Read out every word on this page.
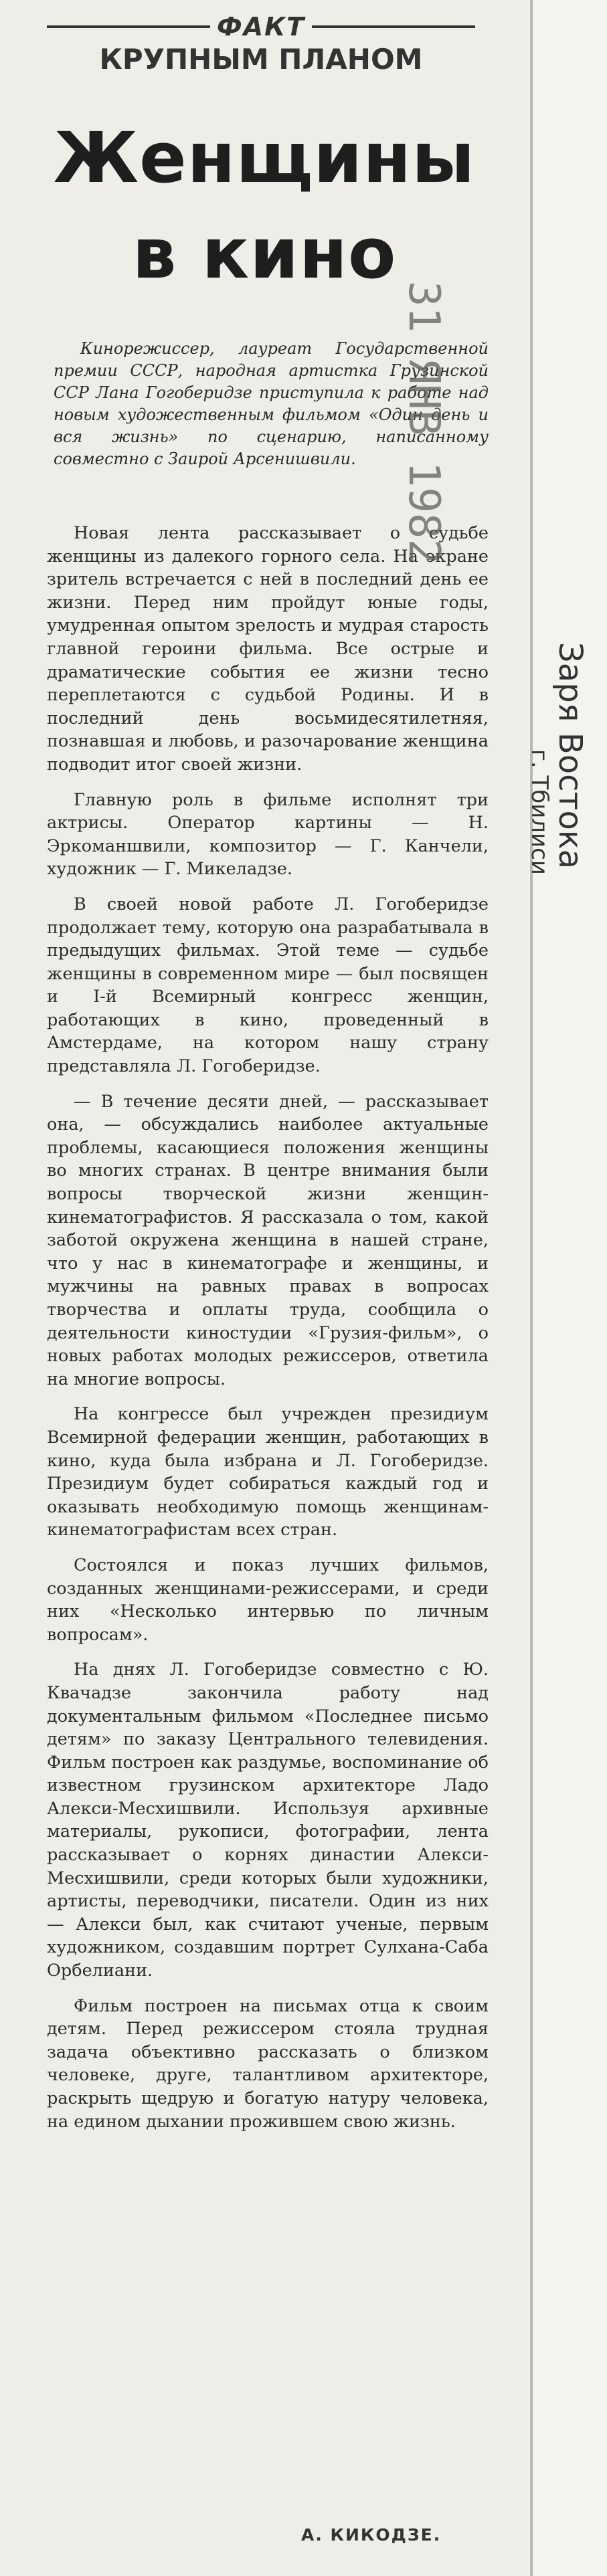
ФАКТ
КРУПНЫМ ПЛАНОМ
Женщины
в кино
Кинорежиссер, лауреат Государственной премии СССР, народная артистка Грузинской ССР Лана Гогоберидзе приступила к работе над новым художественным фильмом «Один день и вся жизнь» по сценарию, написанному совместно с Заирой Арсенишвили.

Новая лента рассказывает о судьбе женщины из далекого горного села. На экране зритель встречается с ней в последний день ее жизни. Перед ним пройдут юные годы, умудренная опытом зрелость и мудрая старость главной героини фильма. Все острые и драматические события ее жизни тесно переплетаются с судьбой Родины. И в последний день восьмидесятилетняя, познавшая и любовь, и разочарование женщина подводит итог своей жизни.

Главную роль в фильме исполнят три актрисы. Оператор картины — Н. Эркоманшвили, композитор — Г. Канчели, художник — Г. Микеладзе.

В своей новой работе Л. Гогоберидзе продолжает тему, которую она разрабатывала в предыдущих фильмах. Этой теме — судьбе женщины в современном мире — был посвящен и I-й Всемирный конгресс женщин, работающих в кино, проведенный в Амстердаме, на котором нашу страну представляла Л. Гогоберидзе.

— В течение десяти дней, — рассказывает она, — обсуждались наиболее актуальные проблемы, касающиеся положения женщины во многих странах. В центре внимания были вопросы творческой жизни женщин-кинематографистов. Я рассказала о том, какой заботой окружена женщина в нашей стране, что у нас в кинематографе и женщины, и мужчины на равных правах в вопросах творчества и оплаты труда, сообщила о деятельности киностудии «Грузия-фильм», о новых работах молодых режиссеров, ответила на многие вопросы.

На конгрессе был учрежден президиум Всемирной федерации женщин, работающих в кино, куда была избрана и Л. Гогоберидзе. Президиум будет собираться каждый год и оказывать необходимую помощь женщинам-кинематографистам всех стран.

Состоялся и показ лучших фильмов, созданных женщинами-режиссерами, и среди них «Несколько интервью по личным вопросам».

На днях Л. Гогоберидзе совместно с Ю. Квачадзе закончила работу над документальным фильмом «Последнее письмо детям» по заказу Центрального телевидения. Фильм построен как раздумье, воспоминание об известном грузинском архитекторе Ладо Алекси-Месхишвили. Используя архивные материалы, рукописи, фотографии, лента рассказывает о корнях династии Алекси-Месхишвили, среди которых были художники, артисты, переводчики, писатели. Один из них — Алекси был, как считают ученые, первым художником, создавшим портрет Сулхана-Саба Орбелиани.

Фильм построен на письмах отца к своим детям. Перед режиссером стояла трудная задача объективно рассказать о близком человеке, друге, талантливом архитекторе, раскрыть щедрую и богатую натуру человека, на едином дыхании прожившем свою жизнь.

А. КИКОДЗЕ.
31 ЯНВ 1982
Заря Востока
г. Тбилиси
